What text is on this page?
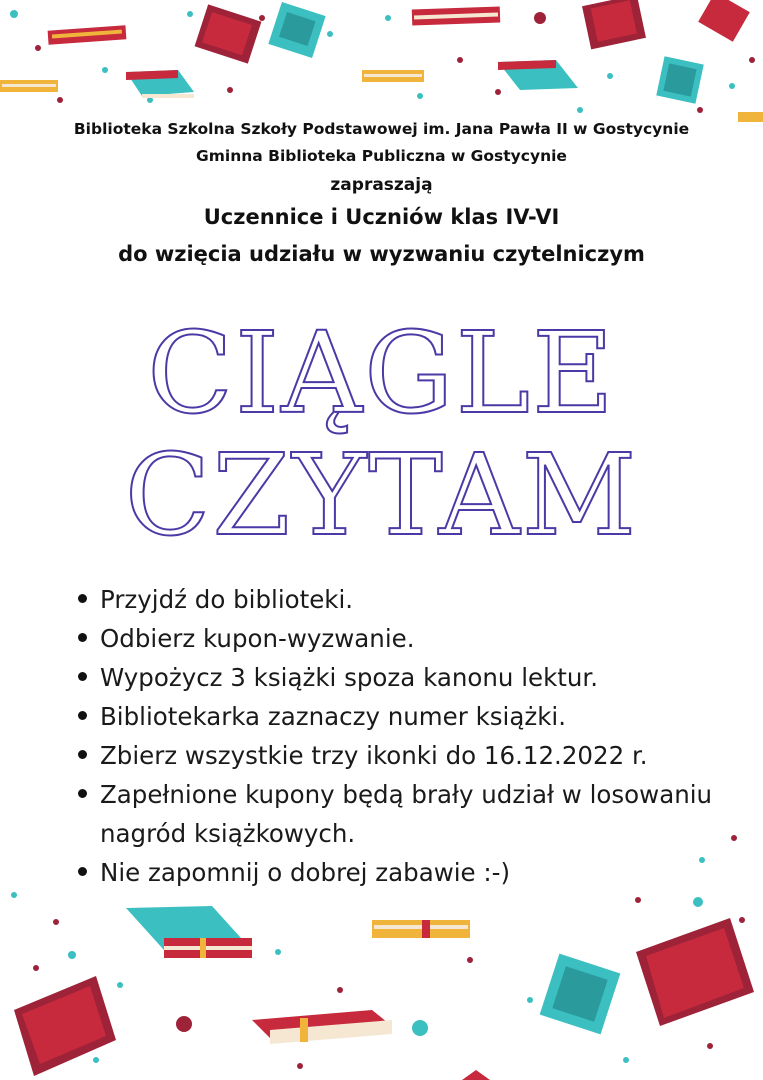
Biblioteka Szkolna Szkoły Podstawowej im. Jana Pawła II w Gostycynie
Gminna Biblioteka Publiczna w Gostycynie
zapraszają
Uczennice i Uczniów klas IV-VI
do wzięcia udziału w wyzwaniu czytelniczym
CIĄGLE
CZYTAM
Przyjdź do biblioteki.
Odbierz kupon-wyzwanie.
Wypożycz 3 książki spoza kanonu lektur.
Bibliotekarka zaznaczy numer książki.
Zbierz wszystkie trzy ikonki do 16.12.2022 r.
Zapełnione kupony będą brały udział w losowaniu nagród książkowych.
Nie zapomnij o dobrej zabawie :-)
